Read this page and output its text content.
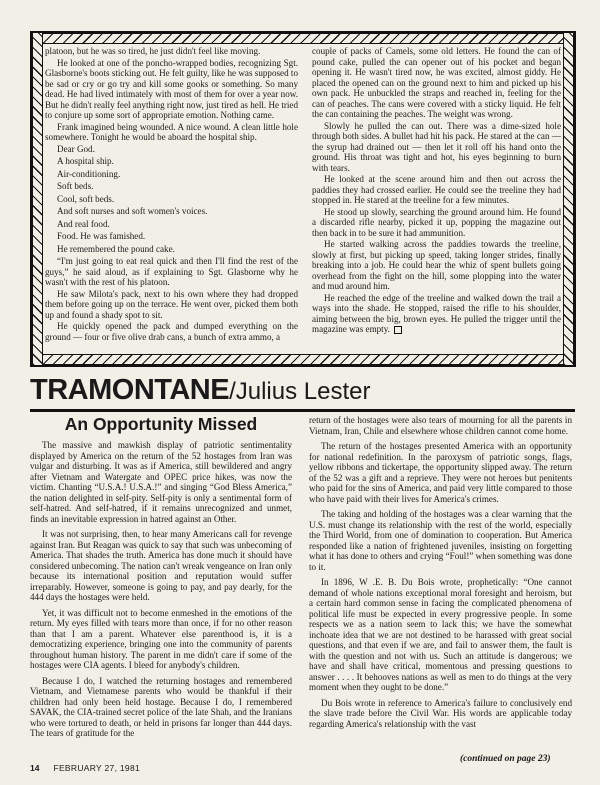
platoon, but he was so tired, he just didn't feel like moving.

He looked at one of the poncho-wrapped bodies, recognizing Sgt. Glasborne's boots sticking out. He felt guilty, like he was supposed to be sad or cry or go try and kill some gooks or something. So many dead. He had lived intimately with most of them for over a year now. But he didn't really feel anything right now, just tired as hell. He tried to conjure up some sort of appropriate emotion. Nothing came.

Frank imagined being wounded. A nice wound. A clean little hole somewhere. Tonight he would be aboard the hospital ship.

Dear God.

A hospital ship.

Air-conditioning.

Soft beds.

Cool, soft beds.

And soft nurses and soft women's voices.

And real food.

Food. He was famished.

He remembered the pound cake.

“I'm just going to eat real quick and then I'll find the rest of the guys,” he said aloud, as if explaining to Sgt. Glasborne why he wasn't with the rest of his platoon.

He saw Milota's pack, next to his own where they had dropped them before going up on the terrace. He went over, picked them both up and found a shady spot to sit.

He quickly opened the pack and dumped everything on the ground — four or five olive drab cans, a bunch of extra ammo, a

couple of packs of Camels, some old letters. He found the can of pound cake, pulled the can opener out of his pocket and began opening it. He wasn't tired now, he was excited, almost giddy. He placed the opened can on the ground next to him and picked up his own pack. He unbuckled the straps and reached in, feeling for the can of peaches. The cans were covered with a sticky liquid. He felt the can containing the peaches. The weight was wrong.

Slowly he pulled the can out. There was a dime-sized hole through both sides. A bullet had hit his pack. He stared at the can — the syrup had drained out — then let it roll off his hand onto the ground. His throat was tight and hot, his eyes beginning to burn with tears.

He looked at the scene around him and then out across the paddies they had crossed earlier. He could see the treeline they had stopped in. He stared at the treeline for a few minutes.

He stood up slowly, searching the ground around him. He found a discarded rifle nearby, picked it up, popping the magazine out then back in to be sure it had ammunition.

He started walking across the paddies towards the treeline, slowly at first, but picking up speed, taking longer strides, finally breaking into a job. He could hear the whiz of spent bullets going overhead from the fight on the hill, some plopping into the water and mud around him.

He reached the edge of the treeline and walked down the trail a ways into the shade. He stopped, raised the rifle to his shoulder, aiming between the big, brown eyes. He pulled the trigger until the magazine was empty.

TRAMONTANE/Julius Lester
An Opportunity Missed

The massive and mawkish display of patriotic sentimentality displayed by America on the return of the 52 hostages from Iran was vulgar and disturbing. It was as if America, still bewildered and angry after Vietnam and Watergate and OPEC price hikes, was now the victim. Chanting “U.S.A.! U.S.A.!” and singing “God Bless America,” the nation delighted in self-pity. Self-pity is only a sentimental form of self-hatred. And self-hatred, if it remains unrecognized and unmet, finds an inevitable expression in hatred against an Other.

It was not surprising, then, to hear many Americans call for revenge against Iran. But Reagan was quick to say that such was unbecoming of America. That shades the truth. America has done much it should have considered unbecoming. The nation can't wreak vengeance on Iran only because its international position and reputation would suffer irreparably. However, someone is going to pay, and pay dearly, for the 444 days the hostages were held.

Yet, it was difficult not to become enmeshed in the emotions of the return. My eyes filled with tears more than once, if for no other reason than that I am a parent. Whatever else parenthood is, it is a democratizing experience, bringing one into the community of parents throughout human history. The parent in me didn't care if some of the hostages were CIA agents. I bleed for anybody's children.

Because I do, I watched the returning hostages and remembered Vietnam, and Vietnamese parents who would be thankful if their children had only been held hostage. Because I do, I remembered SAVAK, the CIA-trained secret police of the late Shah, and the Iranians who were tortured to death, or held in prisons far longer than 444 days. The tears of gratitude for the

return of the hostages were also tears of mourning for all the parents in Vietnam, Iran, Chile and elsewhere whose children cannot come home.

The return of the hostages presented America with an opportunity for national redefinition. In the paroxysm of patriotic songs, flags, yellow ribbons and tickertape, the opportunity slipped away. The return of the 52 was a gift and a reprieve. They were not heroes but penitents who paid for the sins of America, and paid very little compared to those who have paid with their lives for America's crimes.

The taking and holding of the hostages was a clear warning that the U.S. must change its relationship with the rest of the world, especially the Third World, from one of domination to cooperation. But America responded like a nation of frightened juveniles, insisting on forgetting what it has done to others and crying “Foul!” when something was done to it.

In 1896, W .E. B. Du Bois wrote, prophetically: “One cannot demand of whole nations exceptional moral foresight and heroism, but a certain hard common sense in facing the complicated phenomena of political life must be expected in every progressive people. In some respects we as a nation seem to lack this; we have the somewhat inchoate idea that we are not destined to be harassed with great social questions, and that even if we are, and fail to answer them, the fault is with the question and not with us. Such an attitude is dangerous; we have and shall have critical, momentous and pressing questions to answer . . . . It behooves nations as well as men to do things at the very moment when they ought to be done.”

Du Bois wrote in reference to America's failure to conclusively end the slave trade before the Civil War. His words are applicable today regarding America's relationship with the vast

(continued on page 23)
14 FEBRUARY 27, 1981
